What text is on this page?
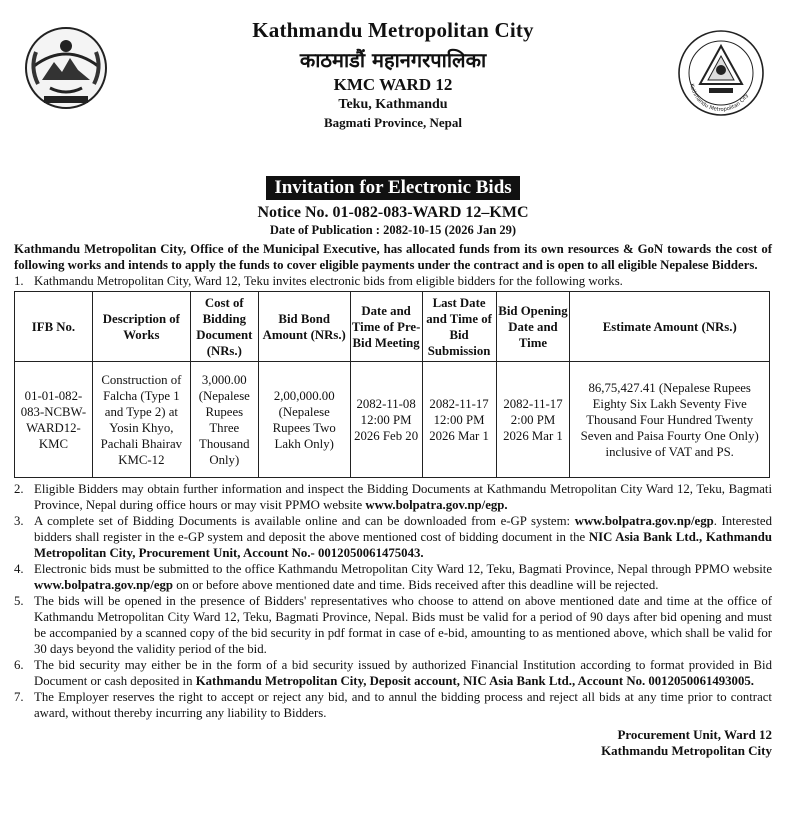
Kathmandu Metropolitan City
Kathmandu Metropolitan City
काठमाडौं महानगरपालिका
KMC WARD 12
Teku, Kathmandu
Bagmati Province, Nepal
Invitation for Electronic Bids
Notice No. 01-082-083-WARD 12–KMC
Date of Publication : 2082-10-15 (2026 Jan 29)
Kathmandu Metropolitan City, Office of the Municipal Executive, has allocated funds from its own resources & GoN towards the cost of following works and intends to apply the funds to cover eligible payments under the contract and is open to all eligible Nepalese Bidders.
1. Kathmandu Metropolitan City, Ward 12, Teku invites electronic bids from eligible bidders for the following works.
IFB No.	Description of Works	Cost of Bidding Document (NRs.)	Bid Bond Amount (NRs.)	Date and Time of Pre-Bid Meeting	Last Date and Time of Bid Submission	Bid Opening Date and Time	Estimate Amount (NRs.)
01-01-082-083-NCBW-WARD12-KMC	Construction of Falcha (Type 1 and Type 2) at Yosin Khyo, Pachali Bhairav KMC-12	3,000.00 (Nepalese Rupees Three Thousand Only)	2,00,000.00 (Nepalese Rupees Two Lakh Only)	2082-11-08 12:00 PM 2026 Feb 20	2082-11-17 12:00 PM 2026 Mar 1	2082-11-17 2:00 PM 2026 Mar 1	86,75,427.41 (Nepalese Rupees Eighty Six Lakh Seventy Five Thousand Four Hundred Twenty Seven and Paisa Fourty One Only) inclusive of VAT and PS.
2. Eligible Bidders may obtain further information and inspect the Bidding Documents at Kathmandu Metropolitan City Ward 12, Teku, Bagmati Province, Nepal during office hours or may visit PPMO website www.bolpatra.gov.np/egp.
3. A complete set of Bidding Documents is available online and can be downloaded from e-GP system: www.bolpatra.gov.np/egp. Interested bidders shall register in the e-GP system and deposit the above mentioned cost of bidding document in the NIC Asia Bank Ltd., Kathmandu Metropolitan City, Procurement Unit, Account No.- 0012050061475043.
4. Electronic bids must be submitted to the office Kathmandu Metropolitan City Ward 12, Teku, Bagmati Province, Nepal through PPMO website www.bolpatra.gov.np/egp on or before above mentioned date and time. Bids received after this deadline will be rejected.
5. The bids will be opened in the presence of Bidders' representatives who choose to attend on above mentioned date and time at the office of Kathmandu Metropolitan City Ward 12, Teku, Bagmati Province, Nepal. Bids must be valid for a period of 90 days after bid opening and must be accompanied by a scanned copy of the bid security in pdf format in case of e-bid, amounting to as mentioned above, which shall be valid for 30 days beyond the validity period of the bid.
6. The bid security may either be in the form of a bid security issued by authorized Financial Institution according to format provided in Bid Document or cash deposited in Kathmandu Metropolitan City, Deposit account, NIC Asia Bank Ltd., Account No. 0012050061493005.
7. The Employer reserves the right to accept or reject any bid, and to annul the bidding process and reject all bids at any time prior to contract award, without thereby incurring any liability to Bidders.
Procurement Unit, Ward 12
Kathmandu Metropolitan City
